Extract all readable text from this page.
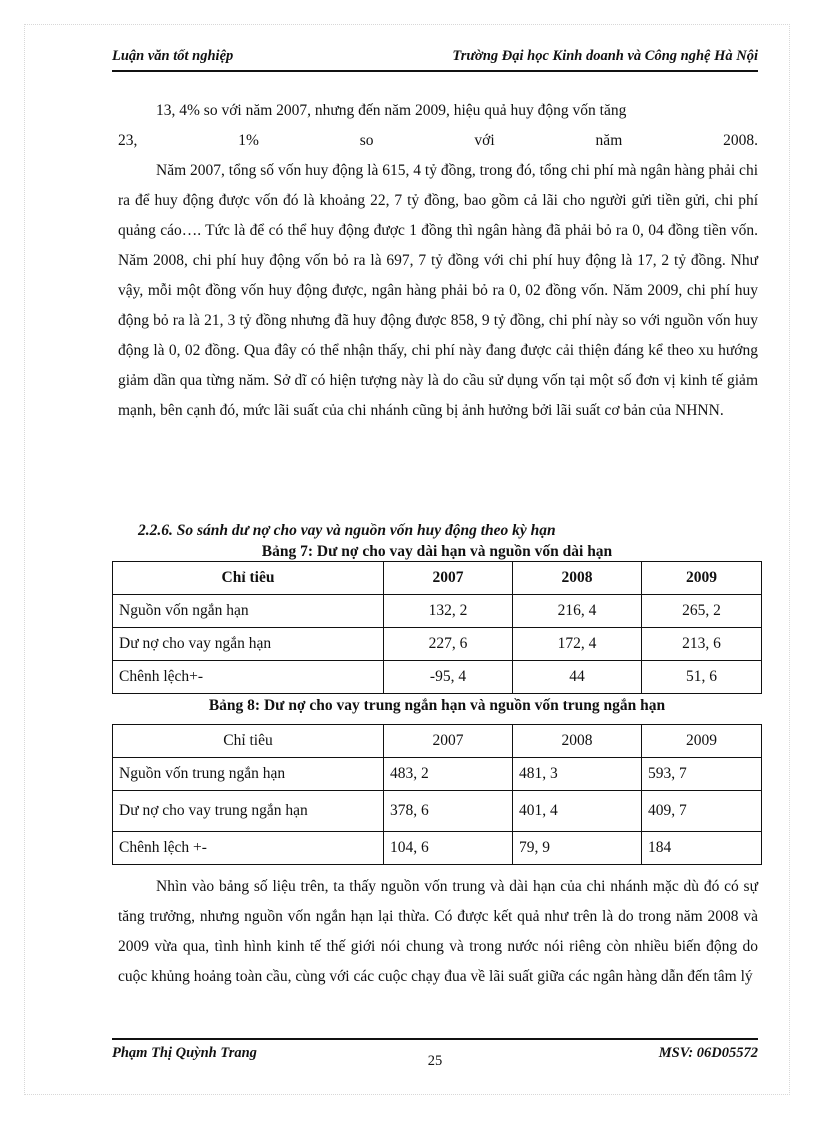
Luận văn tốt nghiệp	Trường Đại học Kinh doanh và Công nghệ Hà Nội

13, 4% so với năm 2007, nhưng đến năm 2009, hiệu quả huy động vốn tăng

23, 1% so với năm 2008.

Năm 2007, tổng số vốn huy động là 615, 4 tỷ đồng, trong đó, tổng chi phí mà ngân hàng phải chi ra để huy động được vốn đó là khoảng 22, 7 tỷ đồng, bao gồm cả lãi cho người gửi tiền gửi, chi phí quảng cáo…. Tức là để có thể huy động được 1 đồng thì ngân hàng đã phải bỏ ra 0, 04 đồng tiền vốn. Năm 2008, chi phí huy động vốn bỏ ra là 697, 7 tỷ đồng với chi phí huy động là 17, 2 tỷ đồng. Như vậy, mỗi một đồng vốn huy động được, ngân hàng phải bỏ ra 0, 02 đồng vốn. Năm 2009, chi phí huy động bỏ ra là 21, 3 tỷ đồng nhưng đã huy động được 858, 9 tỷ đồng, chi phí này so với nguồn vốn huy động là 0, 02 đồng. Qua đây có thể nhận thấy, chi phí này đang được cải thiện đáng kể theo xu hướng giảm dần qua từng năm. Sở dĩ có hiện tượng này là do cầu sử dụng vốn tại một số đơn vị kinh tế giảm mạnh, bên cạnh đó, mức lãi suất của chi nhánh cũng bị ảnh hưởng bởi lãi suất cơ bản của NHNN.

2.2.6. So sánh dư nợ cho vay và nguồn vốn huy động theo kỳ hạn
Bảng 7: Dư nợ cho vay dài hạn và nguồn vốn dài hạn
Chỉ tiêu	2007	2008	2009
Nguồn vốn ngắn hạn	132, 2	216, 4	265, 2
Dư nợ cho vay ngắn hạn	227, 6	172, 4	213, 6
Chênh lệch+-	-95, 4	44	51, 6
Bảng 8: Dư nợ cho vay trung ngắn hạn và nguồn vốn trung ngắn hạn
Chỉ tiêu	2007	2008	2009
Nguồn vốn trung ngắn hạn	483, 2	481, 3	593, 7
Dư nợ cho vay trung ngắn hạn	378, 6	401, 4	409, 7
Chênh lệch +-	104, 6	79, 9	184

Nhìn vào bảng số liệu trên, ta thấy nguồn vốn trung và dài hạn của chi nhánh mặc dù đó có sự tăng trưởng, nhưng nguồn vốn ngắn hạn lại thừa. Có được kết quả như trên là do trong năm 2008 và 2009 vừa qua, tình hình kinh tế thế giới nói chung và trong nước nói riêng còn nhiều biến động do cuộc khủng hoảng toàn cầu, cùng với các cuộc chạy đua về lãi suất giữa các ngân hàng dẫn đến tâm lý

Phạm Thị Quỳnh Trang	25	MSV: 06D05572
